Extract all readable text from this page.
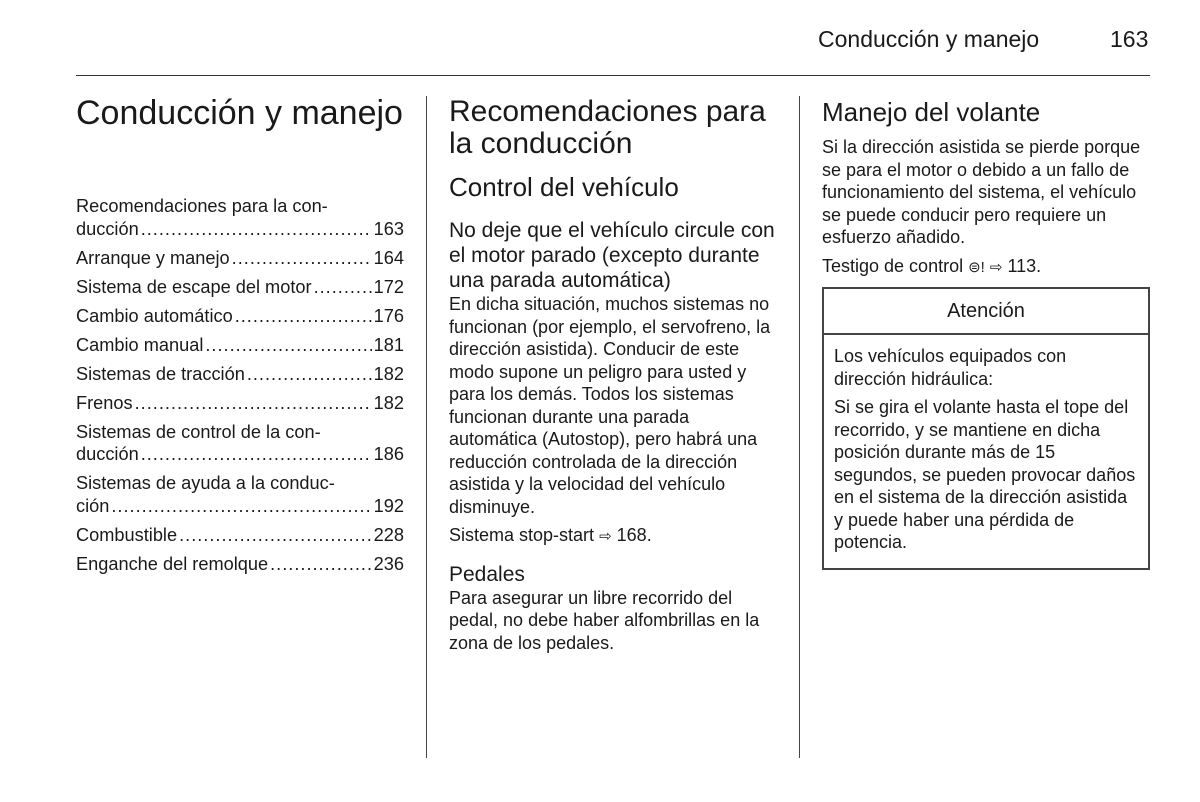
Conducción y manejo	163
Conducción y manejo
Recomendaciones para la con-
ducción .....	163
Arranque y manejo .....	164
Sistema de escape del motor .....	172
Cambio automático .....	176
Cambio manual .....	181
Sistemas de tracción .....	182
Frenos .....	182
Sistemas de control de la con-
ducción .....	186
Sistemas de ayuda a la conduc-
ción .....	192
Combustible .....	228
Enganche del remolque .....	236
Recomendaciones para la conducción
Control del vehículo
No deje que el vehículo circule con el motor parado (excepto durante una parada automática)

En dicha situación, muchos sistemas no funcionan (por ejemplo, el servofreno, la dirección asistida). Conducir de este modo supone un peligro para usted y para los demás. Todos los sistemas funcionan durante una parada automática (Autostop), pero habrá una reducción controlada de la dirección asistida y la velocidad del vehículo disminuye.

Sistema stop-start ⇨ 168.

Pedales

Para asegurar un libre recorrido del pedal, no debe haber alfombrillas en la zona de los pedales.

Manejo del volante

Si la dirección asistida se pierde porque se para el motor o debido a un fallo de funcionamiento del sistema, el vehículo se puede conducir pero requiere un esfuerzo añadido.

Testigo de control ⊜! ⇨ 113.

Atención

Los vehículos equipados con dirección hidráulica:

Si se gira el volante hasta el tope del recorrido, y se mantiene en dicha posición durante más de 15 segundos, se pueden provocar daños en el sistema de la dirección asistida y puede haber una pérdida de potencia.
